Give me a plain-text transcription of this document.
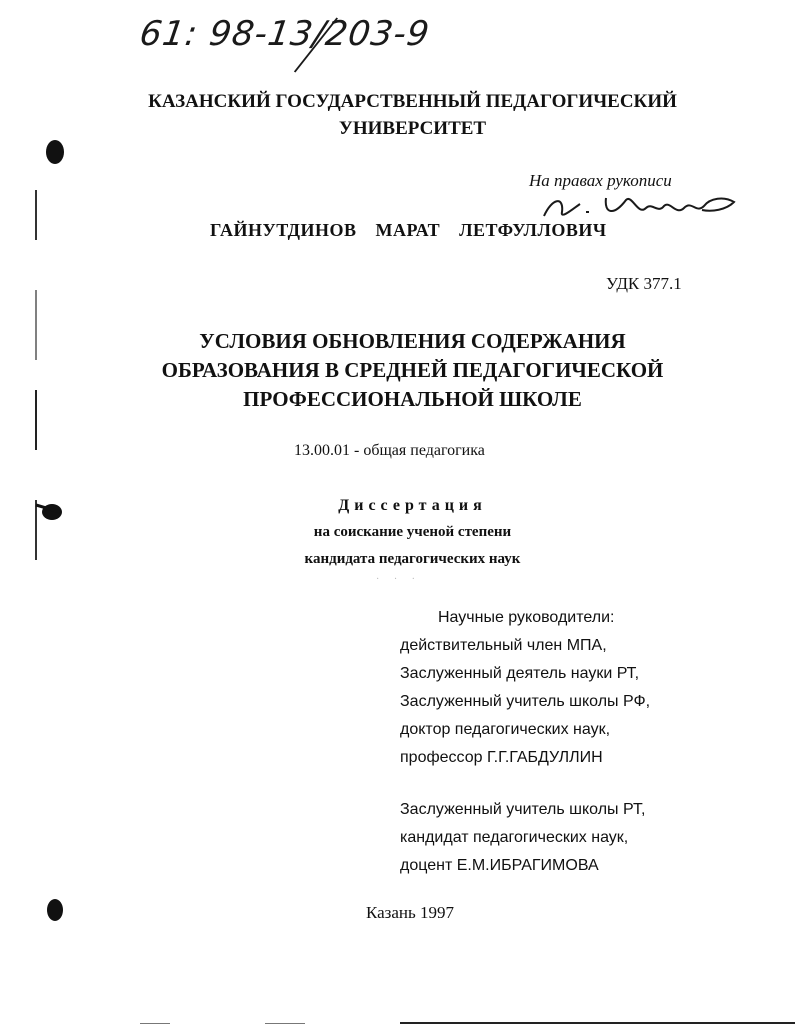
61: 98-13/203-9
КАЗАНСКИЙ ГОСУДАРСТВЕННЫЙ ПЕДАГОГИЧЕСКИЙ
УНИВЕРСИТЕТ
На правах рукописи
ГАЙНУТДИНОВ МАРАТ ЛЕТФУЛЛОВИЧ
УДК 377.1
УСЛОВИЯ ОБНОВЛЕНИЯ СОДЕРЖАНИЯ
ОБРАЗОВАНИЯ В СРЕДНЕЙ ПЕДАГОГИЧЕСКОЙ
ПРОФЕССИОНАЛЬНОЙ ШКОЛЕ
13.00.01 - общая педагогика
Диссертация
на соискание ученой степени
кандидата педагогических наук
· · ·
Научные руководители:
действительный член МПА,
Заслуженный деятель науки РТ,
Заслуженный учитель школы РФ,
доктор педагогических наук,
профессор Г.Г.ГАБДУЛЛИН
Заслуженный учитель школы РТ,
кандидат педагогических наук,
доцент Е.М.ИБРАГИМОВА
Казань 1997
